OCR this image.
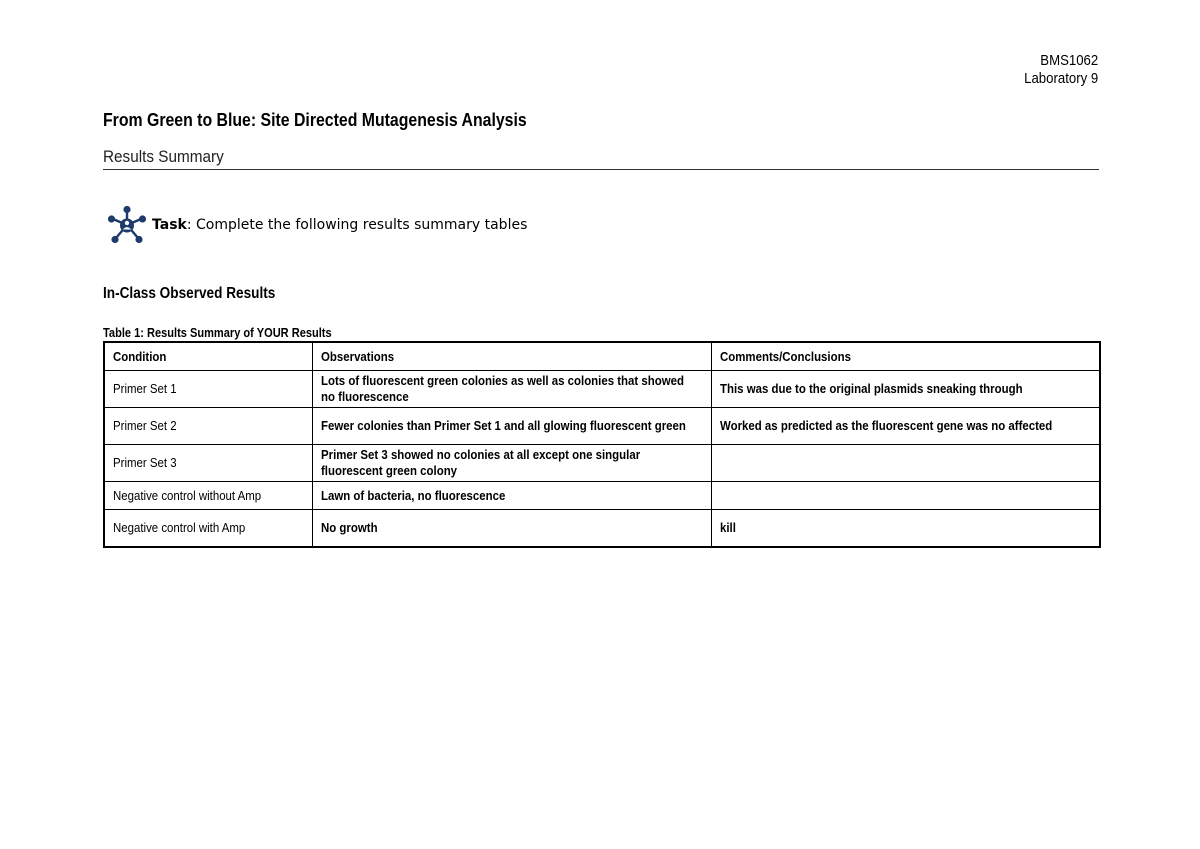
BMS1062
Laboratory 9
From Green to Blue: Site Directed Mutagenesis Analysis
Results Summary
Task: Complete the following results summary tables
In-Class Observed Results
Table 1: Results Summary of YOUR Results
Condition	Observations	Comments/Conclusions
Primer Set 1	Lots of fluorescent green colonies as well as colonies that showed no fluorescence	This was due to the original plasmids sneaking through
Primer Set 2	Fewer colonies than Primer Set 1 and all glowing fluorescent green	Worked as predicted as the fluorescent gene was no affected
Primer Set 3	Primer Set 3 showed no colonies at all except one singular fluorescent green colony	
Negative control without Amp	Lawn of bacteria, no fluorescence	
Negative control with Amp	No growth	kill
